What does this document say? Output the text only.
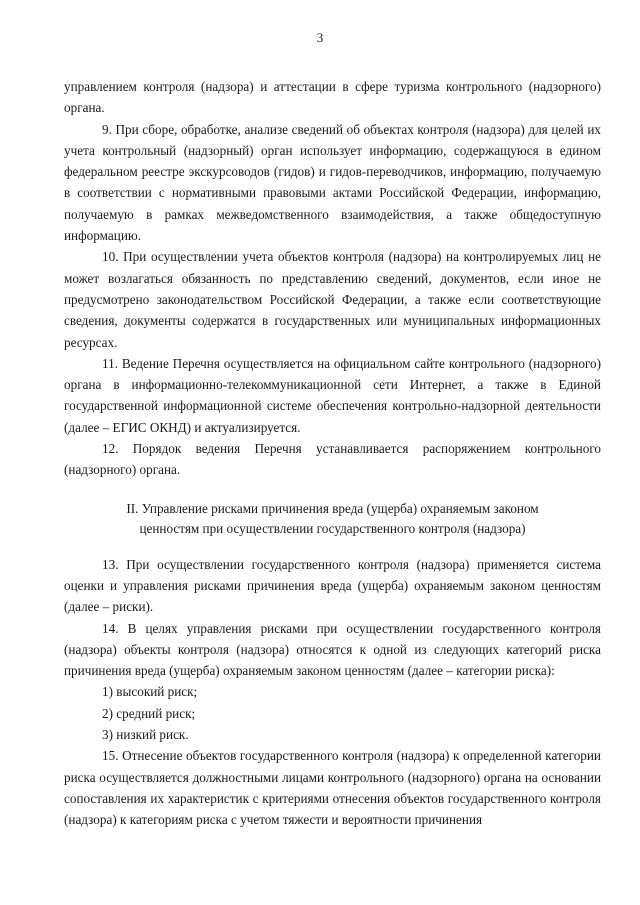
3

управлением контроля (надзора) и аттестации в сфере туризма контрольного (надзорного) органа.

9. При сборе, обработке, анализе сведений об объектах контроля (надзора) для целей их учета контрольный (надзорный) орган использует информацию, содержащуюся в едином федеральном реестре экскурсоводов (гидов) и гидов-переводчиков, информацию, получаемую в соответствии с нормативными правовыми актами Российской Федерации, информацию, получаемую в рамках межведомственного взаимодействия, а также общедоступную информацию.

10. При осуществлении учета объектов контроля (надзора) на контролируемых лиц не может возлагаться обязанность по представлению сведений, документов, если иное не предусмотрено законодательством Российской Федерации, а также если соответствующие сведения, документы содержатся в государственных или муниципальных информационных ресурсах.

11. Ведение Перечня осуществляется на официальном сайте контрольного (надзорного) органа в информационно-телекоммуникационной сети Интернет, а также в Единой государственной информационной системе обеспечения контрольно-надзорной деятельности (далее – ЕГИС ОКНД) и актуализируется.

12. Порядок ведения Перечня устанавливается распоряжением контрольного (надзорного) органа.

II. Управление рисками причинения вреда (ущерба) охраняемым законом ценностям при осуществлении государственного контроля (надзора)

13. При осуществлении государственного контроля (надзора) применяется система оценки и управления рисками причинения вреда (ущерба) охраняемым законом ценностям (далее – риски).

14. В целях управления рисками при осуществлении государственного контроля (надзора) объекты контроля (надзора) относятся к одной из следующих категорий риска причинения вреда (ущерба) охраняемым законом ценностям (далее – категории риска):

1) высокий риск;

2) средний риск;

3) низкий риск.

15. Отнесение объектов государственного контроля (надзора) к определенной категории риска осуществляется должностными лицами контрольного (надзорного) органа на основании сопоставления их характеристик с критериями отнесения объектов государственного контроля (надзора) к категориям риска с учетом тяжести и вероятности причинения
